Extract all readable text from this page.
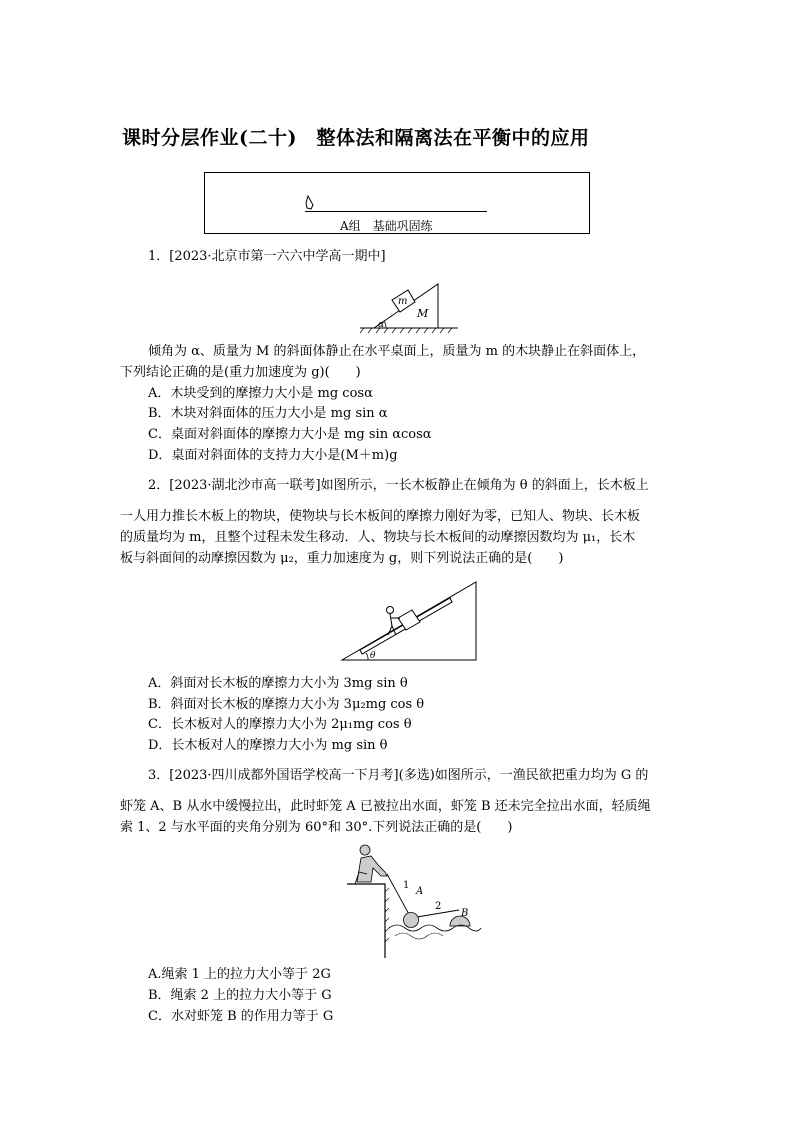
课时分层作业(二十)　整体法和隔离法在平衡中的应用
A组　基础巩固练
1．[2023·北京市第一六六中学高一期中]
m
M
α
倾角为 α、质量为 M 的斜面体静止在水平桌面上，质量为 m 的木块静止在斜面体上，
下列结论正确的是(重力加速度为 g)(　　)
A．木块受到的摩擦力大小是 mg cosα
B．木块对斜面体的压力大小是 mg sin α
C．桌面对斜面体的摩擦力大小是 mg sin αcosα
D．桌面对斜面体的支持力大小是(M＋m)g
2．[2023·湖北沙市高一联考]如图所示，一长木板静止在倾角为 θ 的斜面上，长木板上
一人用力推长木板上的物块，使物块与长木板间的摩擦力刚好为零，已知人、物块、长木板
的质量均为 m，且整个过程未发生移动．人、物块与长木板间的动摩擦因数均为 μ₁，长木
板与斜面间的动摩擦因数为 μ₂，重力加速度为 g，则下列说法正确的是(　　)
θ
A．斜面对长木板的摩擦力大小为 3mg sin θ
B．斜面对长木板的摩擦力大小为 3μ₂mg cos θ
C．长木板对人的摩擦力大小为 2μ₁mg cos θ
D．长木板对人的摩擦力大小为 mg sin θ
3．[2023·四川成都外国语学校高一下月考](多选)如图所示，一渔民欲把重力均为 G 的
虾笼 A、B 从水中缓慢拉出，此时虾笼 A 已被拉出水面，虾笼 B 还未完全拉出水面，轻质绳
索 1、2 与水平面的夹角分别为 60°和 30°.下列说法正确的是(　　)
1
A
2
B
A.绳索 1 上的拉力大小等于 2G
B．绳索 2 上的拉力大小等于 G
C．水对虾笼 B 的作用力等于 G
